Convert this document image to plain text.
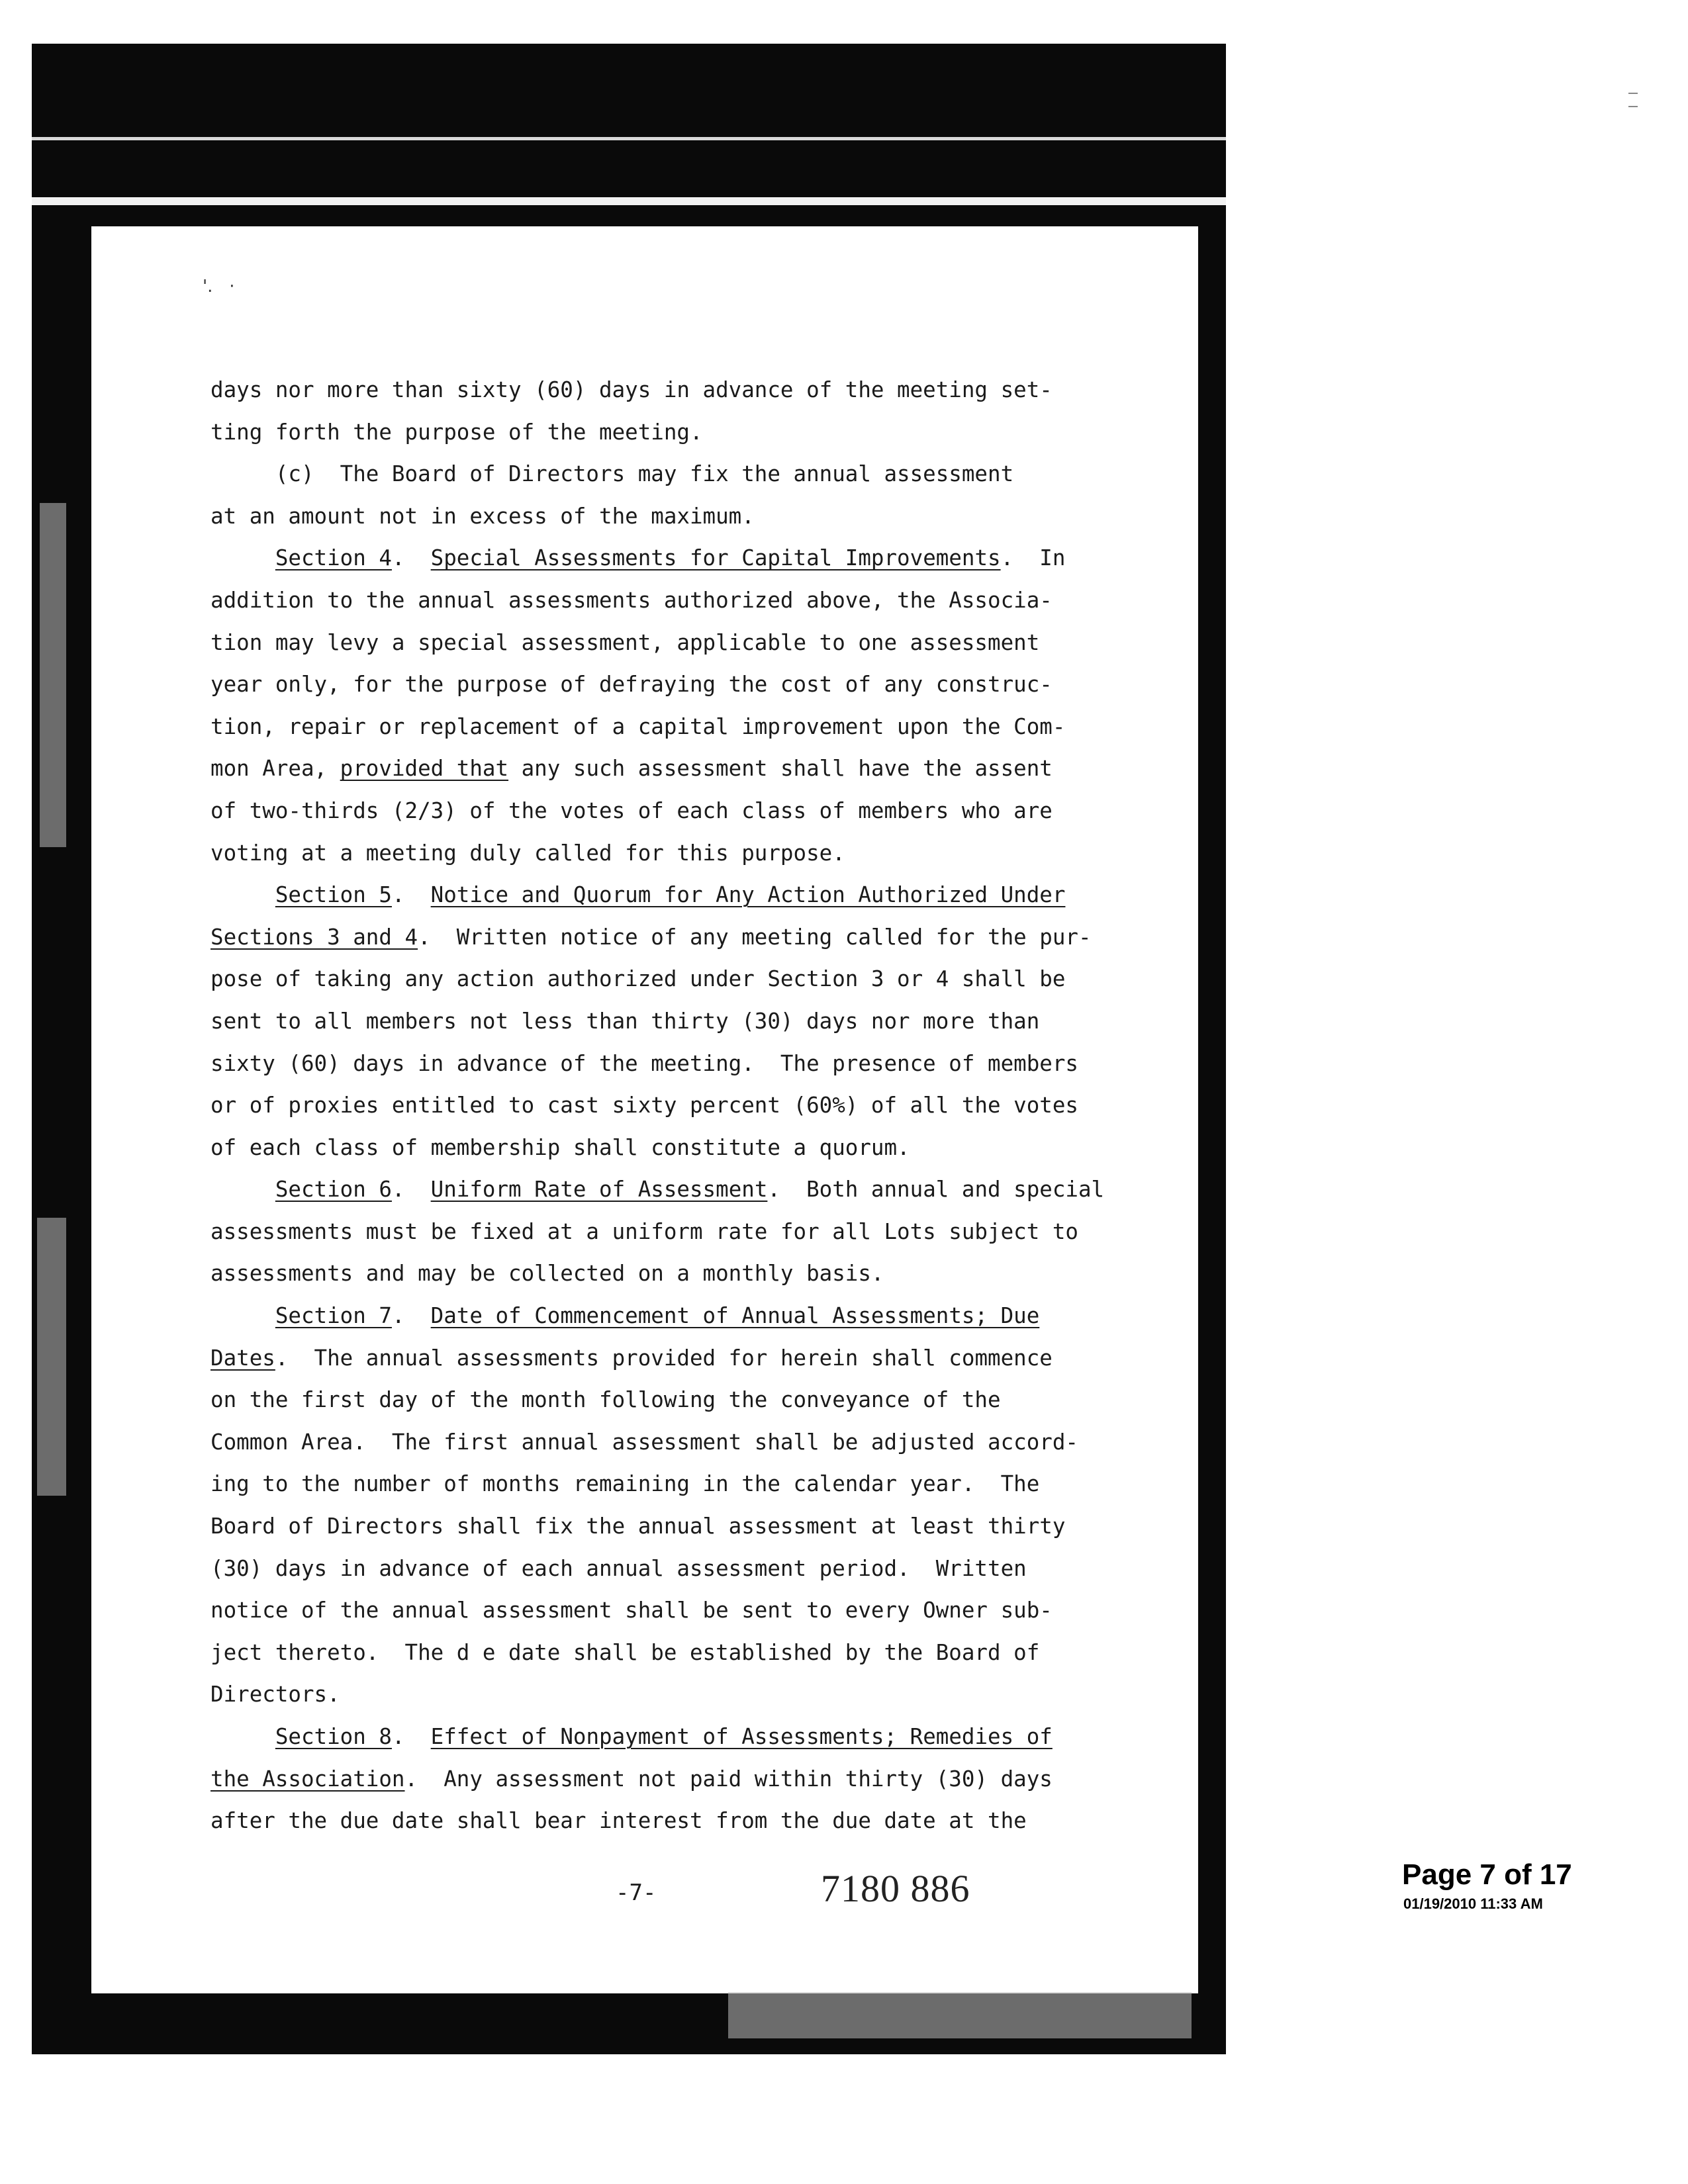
'.   ·
days nor more than sixty (60) days in advance of the meeting set-
ting forth the purpose of the meeting.
(c)  The Board of Directors may fix the annual assessment
at an amount not in excess of the maximum.
Section 4.  Special Assessments for Capital Improvements.  In
addition to the annual assessments authorized above, the Associa-
tion may levy a special assessment, applicable to one assessment
year only, for the purpose of defraying the cost of any construc-
tion, repair or replacement of a capital improvement upon the Com-
mon Area, provided that any such assessment shall have the assent
of two-thirds (2/3) of the votes of each class of members who are
voting at a meeting duly called for this purpose.
Section 5.  Notice and Quorum for Any Action Authorized Under
Sections 3 and 4.  Written notice of any meeting called for the pur-
pose of taking any action authorized under Section 3 or 4 shall be
sent to all members not less than thirty (30) days nor more than
sixty (60) days in advance of the meeting.  The presence of members
or of proxies entitled to cast sixty percent (60%) of all the votes
of each class of membership shall constitute a quorum.
Section 6.  Uniform Rate of Assessment.  Both annual and special
assessments must be fixed at a uniform rate for all Lots subject to
assessments and may be collected on a monthly basis.
Section 7.  Date of Commencement of Annual Assessments; Due
Dates.  The annual assessments provided for herein shall commence
on the first day of the month following the conveyance of the
Common Area.  The first annual assessment shall be adjusted accord-
ing to the number of months remaining in the calendar year.  The
Board of Directors shall fix the annual assessment at least thirty
(30) days in advance of each annual assessment period.  Written
notice of the annual assessment shall be sent to every Owner sub-
ject thereto.  The d e date shall be established by the Board of
Directors.
Section 8.  Effect of Nonpayment of Assessments; Remedies of
the Association.  Any assessment not paid within thirty (30) days
after the due date shall bear interest from the due date at the
-7-	7180 886	Page 7 of 17
01/19/2010 11:33 AM
